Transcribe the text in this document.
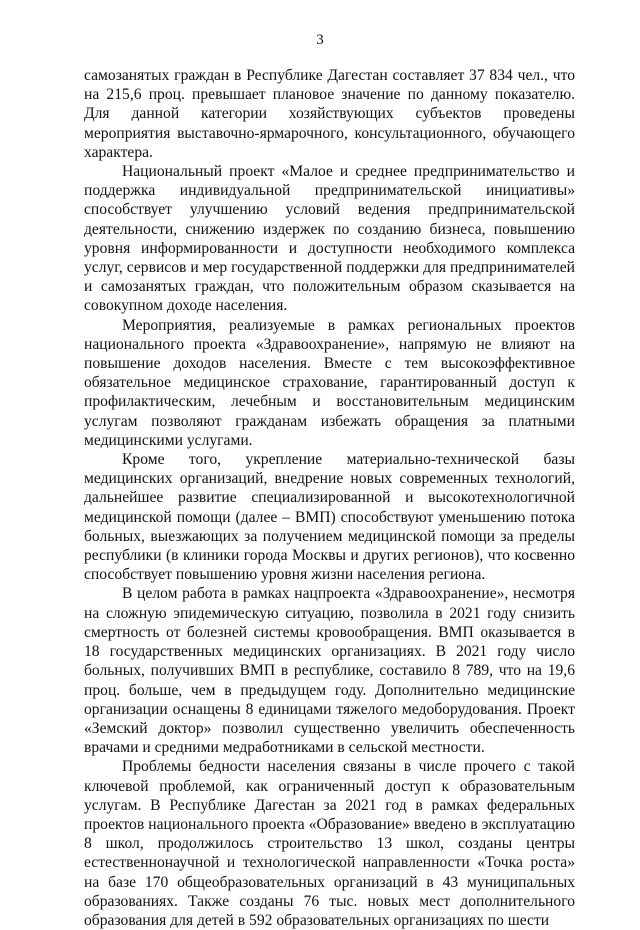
3

самозанятых граждан в Республике Дагестан составляет 37 834 чел., что на 215,6 проц. превышает плановое значение по данному показателю. Для данной категории хозяйствующих субъектов проведены мероприятия выставочно-ярмарочного, консультационного, обучающего характера.

Национальный проект «Малое и среднее предпринимательство и поддержка индивидуальной предпринимательской инициативы» способствует улучшению условий ведения предпринимательской деятельности, снижению издержек по созданию бизнеса, повышению уровня информированности и доступности необходимого комплекса услуг, сервисов и мер государственной поддержки для предпринимателей и самозанятых граждан, что положительным образом сказывается на совокупном доходе населения.

Мероприятия, реализуемые в рамках региональных проектов национального проекта «Здравоохранение», напрямую не влияют на повышение доходов населения. Вместе с тем высокоэффективное обязательное медицинское страхование, гарантированный доступ к профилактическим, лечебным и восстановительным медицинским услугам позволяют гражданам избежать обращения за платными медицинскими услугами.

Кроме того, укрепление материально-технической базы медицинских организаций, внедрение новых современных технологий, дальнейшее развитие специализированной и высокотехнологичной медицинской помощи (далее – ВМП) способствуют уменьшению потока больных, выезжающих за получением медицинской помощи за пределы республики (в клиники города Москвы и других регионов), что косвенно способствует повышению уровня жизни населения региона.

В целом работа в рамках нацпроекта «Здравоохранение», несмотря на сложную эпидемическую ситуацию, позволила в 2021 году снизить смертность от болезней системы кровообращения. ВМП оказывается в 18 государственных медицинских организациях. В 2021 году число больных, получивших ВМП в республике, составило 8 789, что на 19,6 проц. больше, чем в предыдущем году. Дополнительно медицинские организации оснащены 8 единицами тяжелого медоборудования. Проект «Земский доктор» позволил существенно увеличить обеспеченность врачами и средними медработниками в сельской местности.

Проблемы бедности населения связаны в числе прочего с такой ключевой проблемой, как ограниченный доступ к образовательным услугам. В Республике Дагестан за 2021 год в рамках федеральных проектов национального проекта «Образование» введено в эксплуатацию 8 школ, продолжилось строительство 13 школ, созданы центры естественнонаучной и технологической направленности «Точка роста» на базе 170 общеобразовательных организаций в 43 муниципальных образованиях. Также созданы 76 тыс. новых мест дополнительного образования для детей в 592 образовательных организациях по шести
